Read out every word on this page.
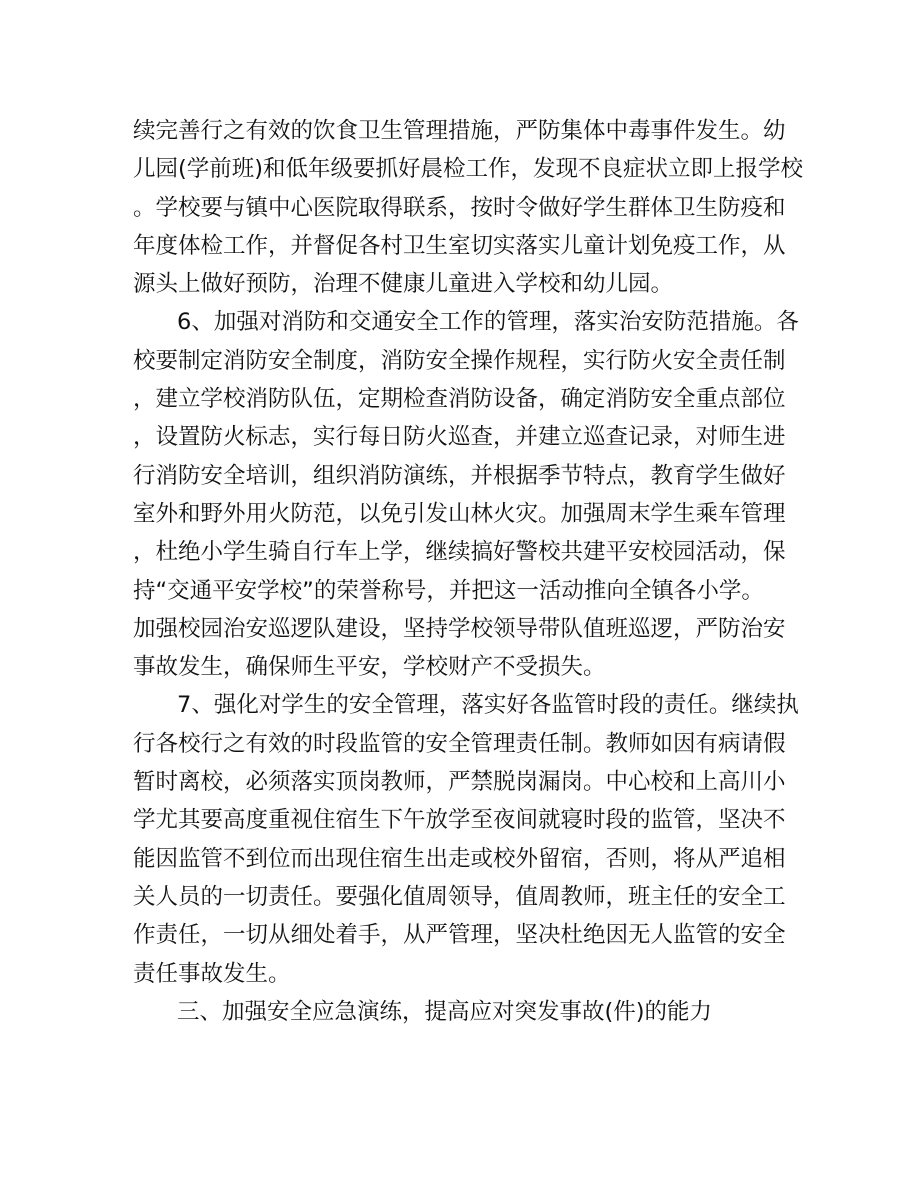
续完善行之有效的饮食卫生管理措施，严防集体中毒事件发生。幼
儿园(学前班)和低年级要抓好晨检工作，发现不良症状立即上报学校
。学校要与镇中心医院取得联系，按时令做好学生群体卫生防疫和
年度体检工作，并督促各村卫生室切实落实儿童计划免疫工作，从
源头上做好预防，治理不健康儿童进入学校和幼儿园。
6、加强对消防和交通安全工作的管理，落实治安防范措施。各
校要制定消防安全制度，消防安全操作规程，实行防火安全责任制
，建立学校消防队伍，定期检查消防设备，确定消防安全重点部位
，设置防火标志，实行每日防火巡查，并建立巡查记录，对师生进
行消防安全培训，组织消防演练，并根据季节特点，教育学生做好
室外和野外用火防范，以免引发山林火灾。加强周末学生乘车管理
，杜绝小学生骑自行车上学，继续搞好警校共建平安校园活动，保
持“交通平安学校”的荣誉称号，并把这一活动推向全镇各小学。
加强校园治安巡逻队建设，坚持学校领导带队值班巡逻，严防治安
事故发生，确保师生平安，学校财产不受损失。
7、强化对学生的安全管理，落实好各监管时段的责任。继续执
行各校行之有效的时段监管的安全管理责任制。教师如因有病请假
暂时离校，必须落实顶岗教师，严禁脱岗漏岗。中心校和上高川小
学尤其要高度重视住宿生下午放学至夜间就寝时段的监管，坚决不
能因监管不到位而出现住宿生出走或校外留宿，否则，将从严追相
关人员的一切责任。要强化值周领导，值周教师，班主任的安全工
作责任，一切从细处着手，从严管理，坚决杜绝因无人监管的安全
责任事故发生。
三、加强安全应急演练，提高应对突发事故(件)的能力
